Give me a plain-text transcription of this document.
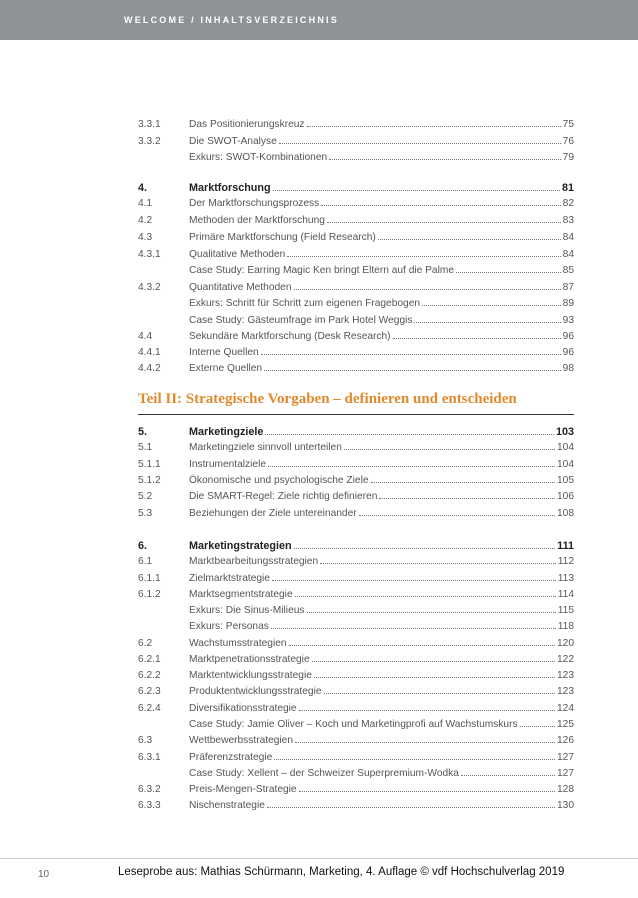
WELCOME / INHALTSVERZEICHNIS
Teil II: Strategische Vorgaben – definieren und entscheiden
3.3.1	Das Positionierungskreuz	75
3.3.2	Die SWOT-Analyse	76
Exkurs: SWOT-Kombinationen	79
4.	Marktforschung	81
4.1	Der Marktforschungsprozess	82
4.2	Methoden der Marktforschung	83
4.3	Primäre Marktforschung (Field Research)	84
4.3.1	Qualitative Methoden	84
Case Study: Earring Magic Ken bringt Eltern auf die Palme	85
4.3.2	Quantitative Methoden	87
Exkurs: Schritt für Schritt zum eigenen Fragebogen	89
Case Study: Gästeumfrage im Park Hotel Weggis	93
4.4	Sekundäre Marktforschung (Desk Research)	96
4.4.1	Interne Quellen	96
4.4.2	Externe Quellen	98
5.	Marketingziele	103
5.1	Marketingziele sinnvoll unterteilen	104
5.1.1	Instrumentalziele	104
5.1.2	Ökonomische und psychologische Ziele	105
5.2	Die SMART-Regel: Ziele richtig definieren	106
5.3	Beziehungen der Ziele untereinander	108
6.	Marketingstrategien	111
6.1	Marktbearbeitungsstrategien	112
6.1.1	Zielmarktstrategie	113
6.1.2	Marktsegmentstrategie	114
Exkurs: Die Sinus-Milieus	115
Exkurs: Personas	118
6.2	Wachstumsstrategien	120
6.2.1	Marktpenetrationsstrategie	122
6.2.2	Marktentwicklungsstrategie	123
6.2.3	Produktentwicklungsstrategie	123
6.2.4	Diversifikationsstrategie	124
Case Study: Jamie Oliver – Koch und Marketingprofi auf Wachstumskurs	125
6.3	Wettbewerbsstrategien	126
6.3.1	Präferenzstrategie	127
Case Study: Xellent – der Schweizer Superpremium-Wodka	127
6.3.2	Preis-Mengen-Strategie	128
6.3.3	Nischenstrategie	130
10	Leseprobe aus: Mathias Schürmann, Marketing, 4. Auflage © vdf Hochschulverlag 2019
